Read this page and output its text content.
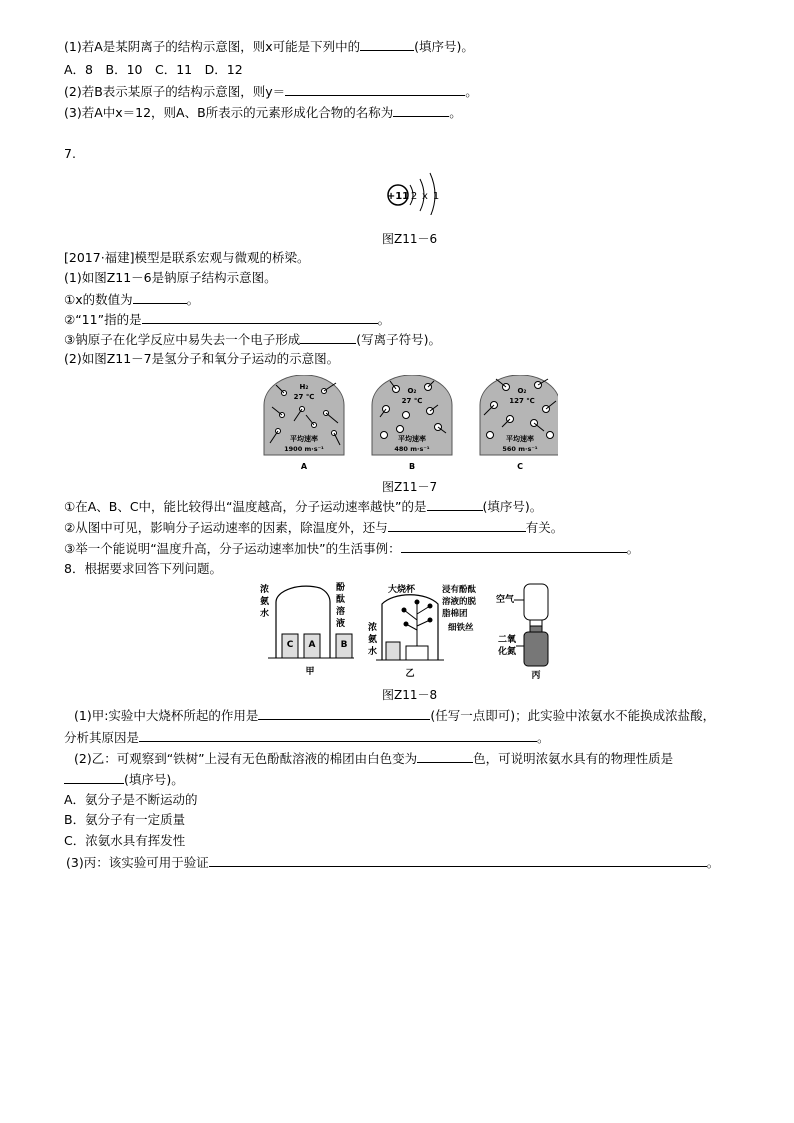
(1)若A是某阴离子的结构示意图，则x可能是下列中的	(填序号)。
A．8　B．10　C．11　D．12
(2)若B表示某原子的结构示意图，则y＝	。
(3)若A中x＝12，则A、B所表示的元素形成化合物的名称为	。
7.
+11 2 x 1
图Z11－6
[2017·福建]模型是联系宏观与微观的桥梁。
(1)如图Z11－6是钠原子结构示意图。
①x的数值为	。
②“11”指的是	。
③钠原子在化学反应中易失去一个电子形成	(写离子符号)。
(2)如图Z11－7是氢分子和氧分子运动的示意图。
H₂
27 ℃
平均速率
1900 m·s⁻¹
A
O₂
27 ℃
平均速率
480 m·s⁻¹
B
O₂
127 ℃
平均速率
560 m·s⁻¹
C
图Z11－7
①在A、B、C中，能比较得出“温度越高，分子运动速率越快”的是	(填序号)。
②从图中可见，影响分子运动速率的因素，除温度外，还与	有关。
③举一个能说明“温度升高，分子运动速率加快”的生活事例：	。
8．根据要求回答下列问题。
C A	B
浓氨水
酚酞溶液
甲
大烧杯
浓氨水
浸有酚酞
溶液的脱
脂棉团
细铁丝
乙
空气
二氧化氮
丙
图Z11－8
(1)甲:实验中大烧杯所起的作用是	(任写一点即可)；此实验中浓氨水不能换成浓盐酸，
分析其原因是	。
(2)乙：可观察到“铁树”上浸有无色酚酞溶液的棉团由白色变为	色，可说明浓氨水具有的物理性质是
(填序号)。
A．氨分子是不断运动的
B．氨分子有一定质量
C．浓氨水具有挥发性
(3)丙：该实验可用于验证	。
